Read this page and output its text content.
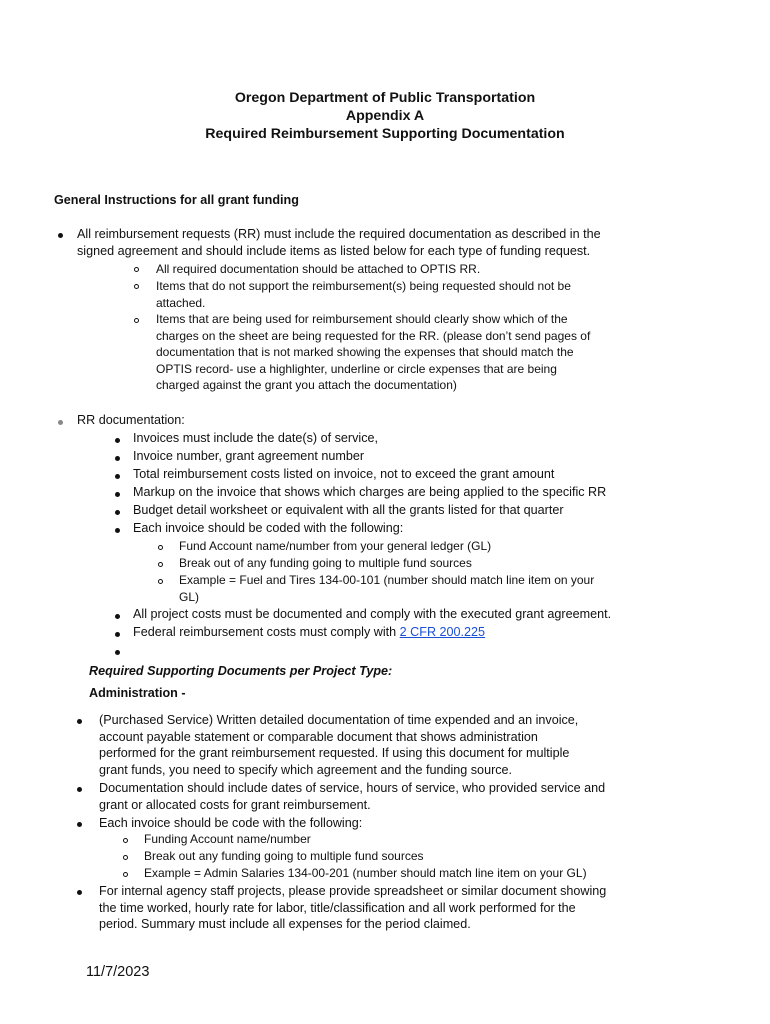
Oregon Department of Public Transportation
Appendix A
Required Reimbursement Supporting Documentation
General Instructions for all grant funding
All reimbursement requests (RR) must include the required documentation as described in the
signed agreement and should include items as listed below for each type of funding request.
All required documentation should be attached to OPTIS RR.
Items that do not support the reimbursement(s) being requested should not be
attached.
Items that are being used for reimbursement should clearly show which of the
charges on the sheet are being requested for the RR. (please don’t send pages of
documentation that is not marked showing the expenses that should match the
OPTIS record- use a highlighter, underline or circle expenses that are being
charged against the grant you attach the documentation)
RR documentation:
Invoices must include the date(s) of service,
Invoice number, grant agreement number
Total reimbursement costs listed on invoice, not to exceed the grant amount
Markup on the invoice that shows which charges are being applied to the specific RR
Budget detail worksheet or equivalent with all the grants listed for that quarter
Each invoice should be coded with the following:
Fund Account name/number from your general ledger (GL)
Break out of any funding going to multiple fund sources
Example = Fuel and Tires 134-00-101 (number should match line item on your
GL)
All project costs must be documented and comply with the executed grant agreement.
Federal reimbursement costs must comply with 2 CFR 200.225
Required Supporting Documents per Project Type:
Administration -
(Purchased Service) Written detailed documentation of time expended and an invoice,
account payable statement or comparable document that shows administration
performed for the grant reimbursement requested. If using this document for multiple
grant funds, you need to specify which agreement and the funding source.
Documentation should include dates of service, hours of service, who provided service and
grant or allocated costs for grant reimbursement.
Each invoice should be code with the following:
Funding Account name/number
Break out any funding going to multiple fund sources
Example = Admin Salaries 134-00-201 (number should match line item on your GL)
For internal agency staff projects, please provide spreadsheet or similar document showing
the time worked, hourly rate for labor, title/classification and all work performed for the
period. Summary must include all expenses for the period claimed.
11/7/2023
